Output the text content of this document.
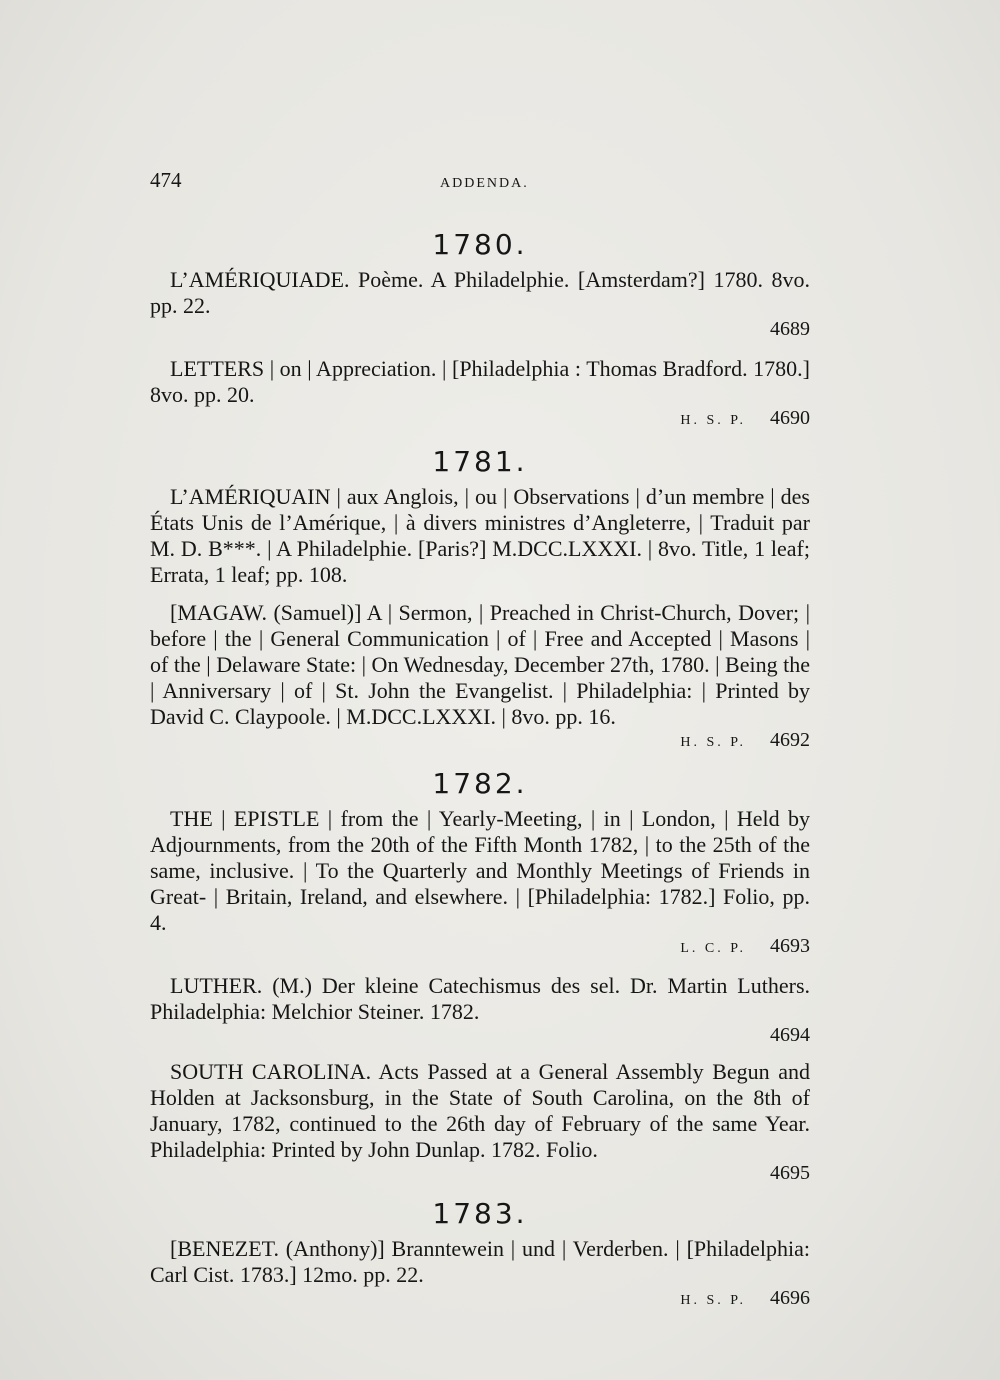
474	ADDENDA.
1780.
L’AMÉRIQUIADE. Poème. A Philadelphie. [Amsterdam?] 1780. 8vo. pp. 22.
4689
LETTERS | on | Appreciation. | [Philadelphia : Thomas Bradford. 1780.] 8vo. pp. 20.
H. S. P. 4690
1781.
L’AMÉRIQUAIN | aux Anglois, | ou | Observations | d’un membre | des États Unis de l’Amérique, | à divers ministres d’Angleterre, | Traduit par M. D. B***. | A Philadelphie. [Paris?] M.DCC.LXXXI. | 8vo. Title, 1 leaf; Errata, 1 leaf; pp. 108.
[MAGAW. (Samuel)] A | Sermon, | Preached in Christ-Church, Dover; | before | the | General Communication | of | Free and Accepted | Masons | of the | Delaware State: | On Wednesday, December 27th, 1780. | Being the | Anniversary | of | St. John the Evangelist. | Philadelphia: | Printed by David C. Claypoole. | M.DCC.LXXXI. | 8vo. pp. 16.
H. S. P. 4692
1782.
THE | EPISTLE | from the | Yearly-Meeting, | in | London, | Held by Adjournments, from the 20th of the Fifth Month 1782, | to the 25th of the same, inclusive. | To the Quarterly and Monthly Meetings of Friends in Great- | Britain, Ireland, and elsewhere. | [Philadelphia: 1782.] Folio, pp. 4.
L. C. P. 4693
LUTHER. (M.) Der kleine Catechismus des sel. Dr. Martin Luthers. Philadelphia: Melchior Steiner. 1782.
4694
SOUTH CAROLINA. Acts Passed at a General Assembly Begun and Holden at Jacksonsburg, in the State of South Carolina, on the 8th of January, 1782, continued to the 26th day of February of the same Year. Philadelphia: Printed by John Dunlap. 1782. Folio.
4695
1783.
[BENEZET. (Anthony)] Branntewein | und | Verderben. | [Philadelphia: Carl Cist. 1783.] 12mo. pp. 22.
H. S. P. 4696
